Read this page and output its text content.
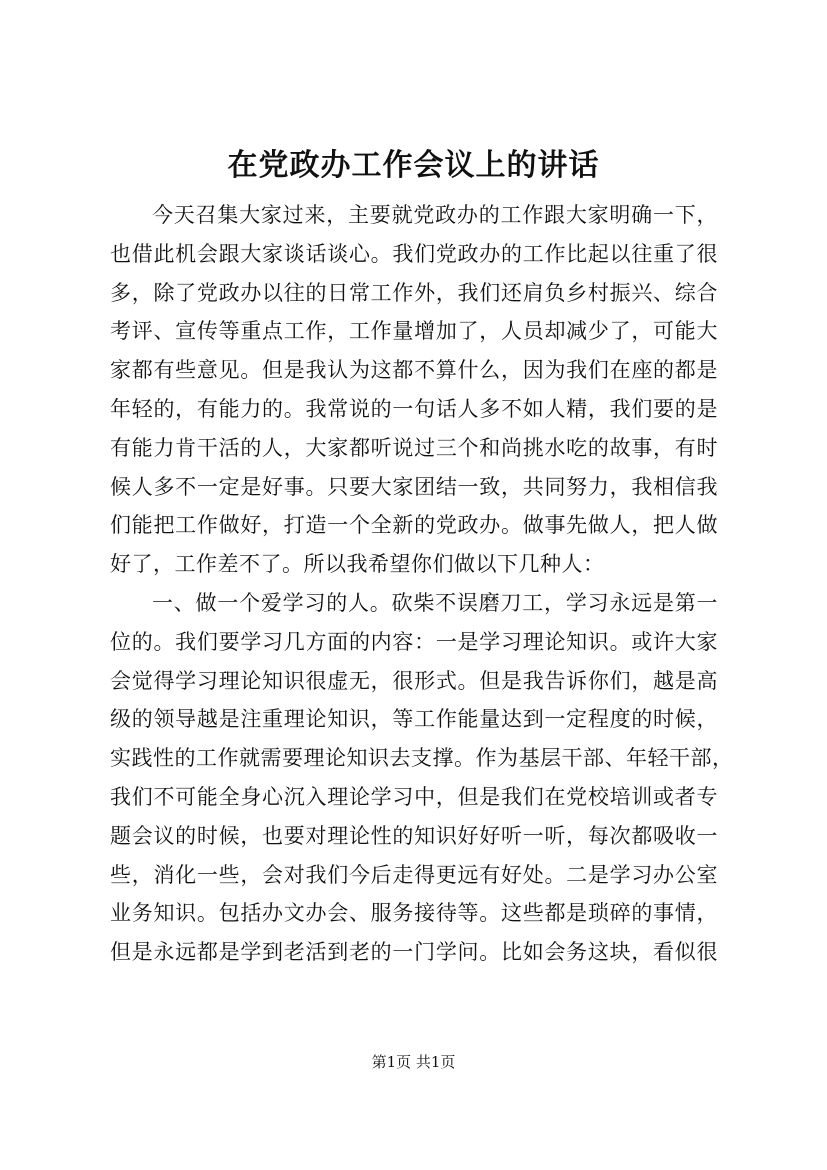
在党政办工作会议上的讲话
今天召集大家过来，主要就党政办的工作跟大家明确一下，
也借此机会跟大家谈话谈心。我们党政办的工作比起以往重了很
多，除了党政办以往的日常工作外，我们还肩负乡村振兴、综合
考评、宣传等重点工作，工作量增加了，人员却减少了，可能大
家都有些意见。但是我认为这都不算什么，因为我们在座的都是
年轻的，有能力的。我常说的一句话人多不如人精，我们要的是
有能力肯干活的人，大家都听说过三个和尚挑水吃的故事，有时
候人多不一定是好事。只要大家团结一致，共同努力，我相信我
们能把工作做好，打造一个全新的党政办。做事先做人，把人做
好了，工作差不了。所以我希望你们做以下几种人：
一、做一个爱学习的人。砍柴不误磨刀工，学习永远是第一
位的。我们要学习几方面的内容：一是学习理论知识。或许大家
会觉得学习理论知识很虚无，很形式。但是我告诉你们，越是高
级的领导越是注重理论知识，等工作能量达到一定程度的时候，
实践性的工作就需要理论知识去支撑。作为基层干部、年轻干部，
我们不可能全身心沉入理论学习中，但是我们在党校培训或者专
题会议的时候，也要对理论性的知识好好听一听，每次都吸收一
些，消化一些，会对我们今后走得更远有好处。二是学习办公室
业务知识。包括办文办会、服务接待等。这些都是琐碎的事情，
但是永远都是学到老活到老的一门学问。比如会务这块，看似很
第1页 共1页
